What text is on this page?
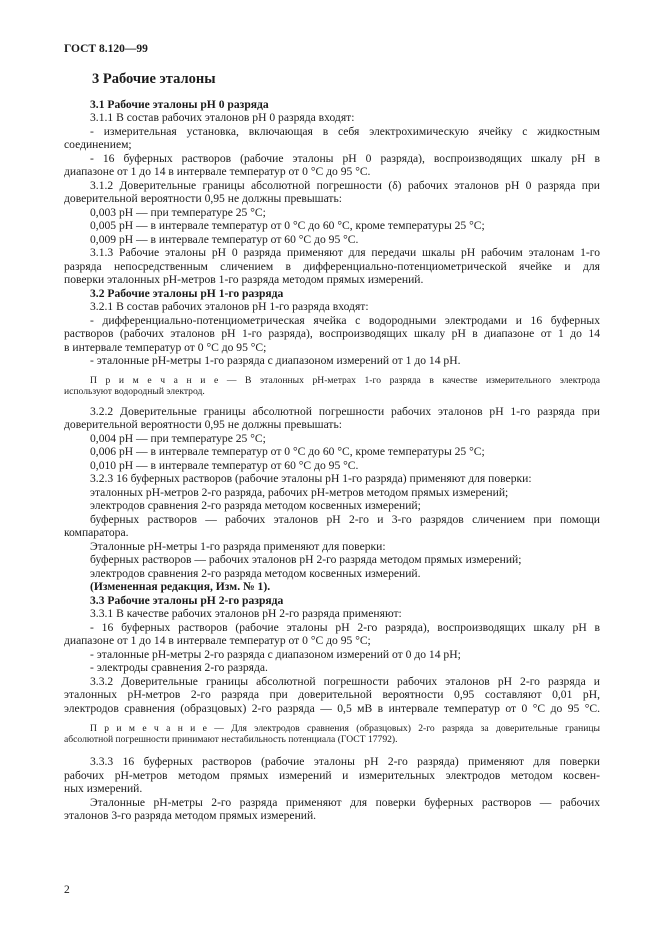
ГОСТ 8.120—99
3 Рабочие эталоны
3.1 Рабочие эталоны pH 0 разряда
3.1.1 В состав рабочих эталонов pH 0 разряда входят:
- измерительная установка, включающая в себя электрохимическую ячейку с жидкостным
соединением;
- 16 буферных растворов (рабочие эталоны pH 0 разряда), воспроизводящих шкалу pH в
диапазоне от 1 до 14 в интервале температур от 0 °С до 95 °С.
3.1.2 Доверительные границы абсолютной погрешности (δ) рабочих эталонов pH 0 разряда при
доверительной вероятности 0,95 не должны превышать:
0,003 pH — при температуре 25 °С;
0,005 pH — в интервале температур от 0 °С до 60 °С, кроме температуры 25 °С;
0,009 pH — в интервале температур от 60 °С до 95 °С.
3.1.3 Рабочие эталоны pH 0 разряда применяют для передачи шкалы pH рабочим эталонам 1-го
разряда непосредственным сличением в дифференциально-потенциометрической ячейке и для
поверки эталонных pH-метров 1-го разряда методом прямых измерений.
3.2 Рабочие эталоны pH 1-го разряда
3.2.1 В состав рабочих эталонов pH 1-го разряда входят:
- дифференциально-потенциометрическая ячейка с водородными электродами и 16 буферных
растворов (рабочих эталонов pH 1-го разряда), воспроизводящих шкалу pH в диапазоне от 1 до 14
в интервале температур от 0 °С до 95 °С;
- эталонные pH-метры 1-го разряда с диапазоном измерений от 1 до 14 pH.
П р и м е ч а н и е — В эталонных pH-метрах 1-го разряда в качестве измерительного электрода
используют водородный электрод.
3.2.2 Доверительные границы абсолютной погрешности рабочих эталонов pH 1-го разряда при
доверительной вероятности 0,95 не должны превышать:
0,004 pH — при температуре 25 °С;
0,006 pH — в интервале температур от 0 °С до 60 °С, кроме температуры 25 °С;
0,010 pH — в интервале температур от 60 °С до 95 °С.
3.2.3 16 буферных растворов (рабочие эталоны pH 1-го разряда) применяют для поверки:
эталонных pH-метров 2-го разряда, рабочих pH-метров методом прямых измерений;
электродов сравнения 2-го разряда методом косвенных измерений;
буферных растворов — рабочих эталонов pH 2-го и 3-го разрядов сличением при помощи
компаратора.
Эталонные pH-метры 1-го разряда применяют для поверки:
буферных растворов — рабочих эталонов pH 2-го разряда методом прямых измерений;
электродов сравнения 2-го разряда методом косвенных измерений.
(Измененная редакция, Изм. № 1).
3.3 Рабочие эталоны pH 2-го разряда
3.3.1 В качестве рабочих эталонов pH 2-го разряда применяют:
- 16 буферных растворов (рабочие эталоны pH 2-го разряда), воспроизводящих шкалу pH в
диапазоне от 1 до 14 в интервале температур от 0 °С до 95 °С;
- эталонные pH-метры 2-го разряда с диапазоном измерений от 0 до 14 pH;
- электроды сравнения 2-го разряда.
3.3.2 Доверительные границы абсолютной погрешности рабочих эталонов pH 2-го разряда и
эталонных pH-метров 2-го разряда при доверительной вероятности 0,95 составляют 0,01 pH,
электродов сравнения (образцовых) 2-го разряда — 0,5 мВ в интервале температур от 0 °С до 95 °С.
П р и м е ч а н и е — Для электродов сравнения (образцовых) 2-го разряда за доверительные границы
абсолютной погрешности принимают нестабильность потенциала (ГОСТ 17792).
3.3.3 16 буферных растворов (рабочие эталоны pH 2-го разряда) применяют для поверки
рабочих pH-метров методом прямых измерений и измерительных электродов методом косвен-
ных измерений.
Эталонные pH-метры 2-го разряда применяют для поверки буферных растворов — рабочих
эталонов 3-го разряда методом прямых измерений.
2
